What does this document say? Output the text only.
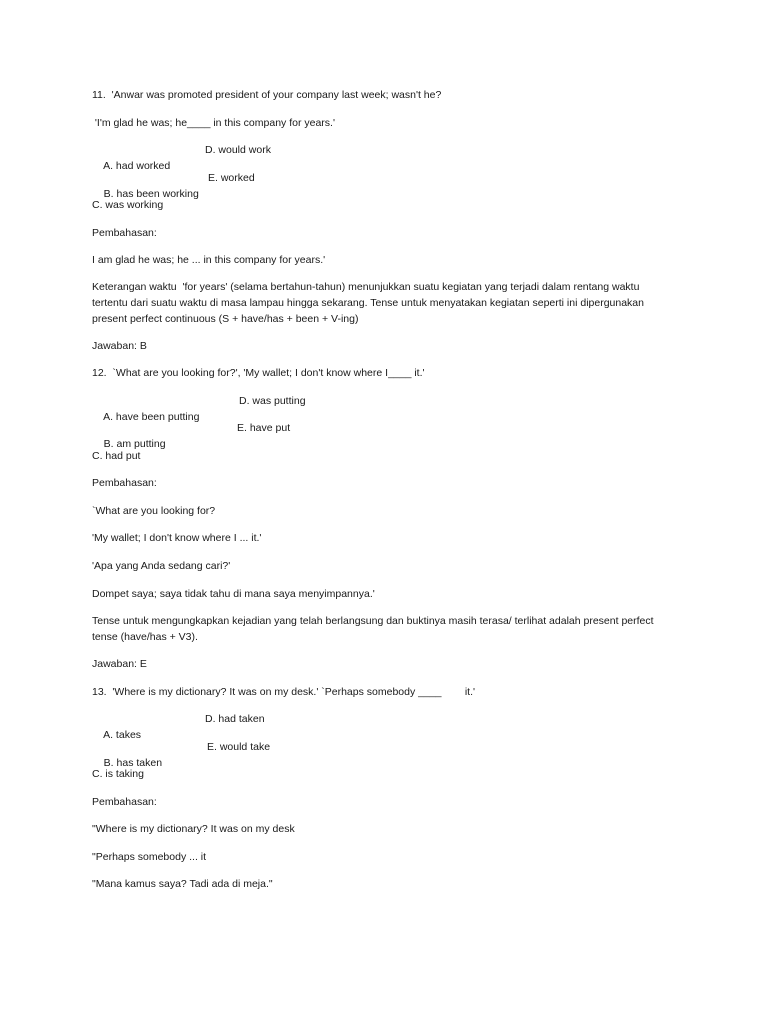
11.  'Anwar was promoted president of your company last week; wasn't he?

'I'm glad he was; he____ in this company for years.'

A. had worked

D. would work

B. has been working

E. worked

C. was working

Pembahasan:

I am glad he was; he ... in this company for years.'

Keterangan waktu  'for years' (selama bertahun-tahun) menunjukkan suatu kegiatan yang terjadi dalam rentang waktu

tertentu dari suatu waktu di masa lampau hingga sekarang. Tense untuk menyatakan kegiatan seperti ini dipergunakan

present perfect continuous (S + have/has + been + V-ing)

Jawaban: B

12.  `What are you looking for?', 'My wallet; I don't know where I____ it.'

A. have been putting

D. was putting

B. am putting

E. have put

C. had put

Pembahasan:

`What are you looking for?

'My wallet; I don't know where I ... it.'

'Apa yang Anda sedang cari?'

Dompet saya; saya tidak tahu di mana saya menyimpannya.'

Tense untuk mengungkapkan kejadian yang telah berlangsung dan buktinya masih terasa/ terlihat adalah present perfect

tense (have/has + V3).

Jawaban: E

13.  'Where is my dictionary? It was on my desk.' `Perhaps somebody ____        it.'

A. takes

D. had taken

B. has taken

E. would take

C. is taking

Pembahasan:

"Where is my dictionary? It was on my desk

"Perhaps somebody ... it

"Mana kamus saya? Tadi ada di meja."
